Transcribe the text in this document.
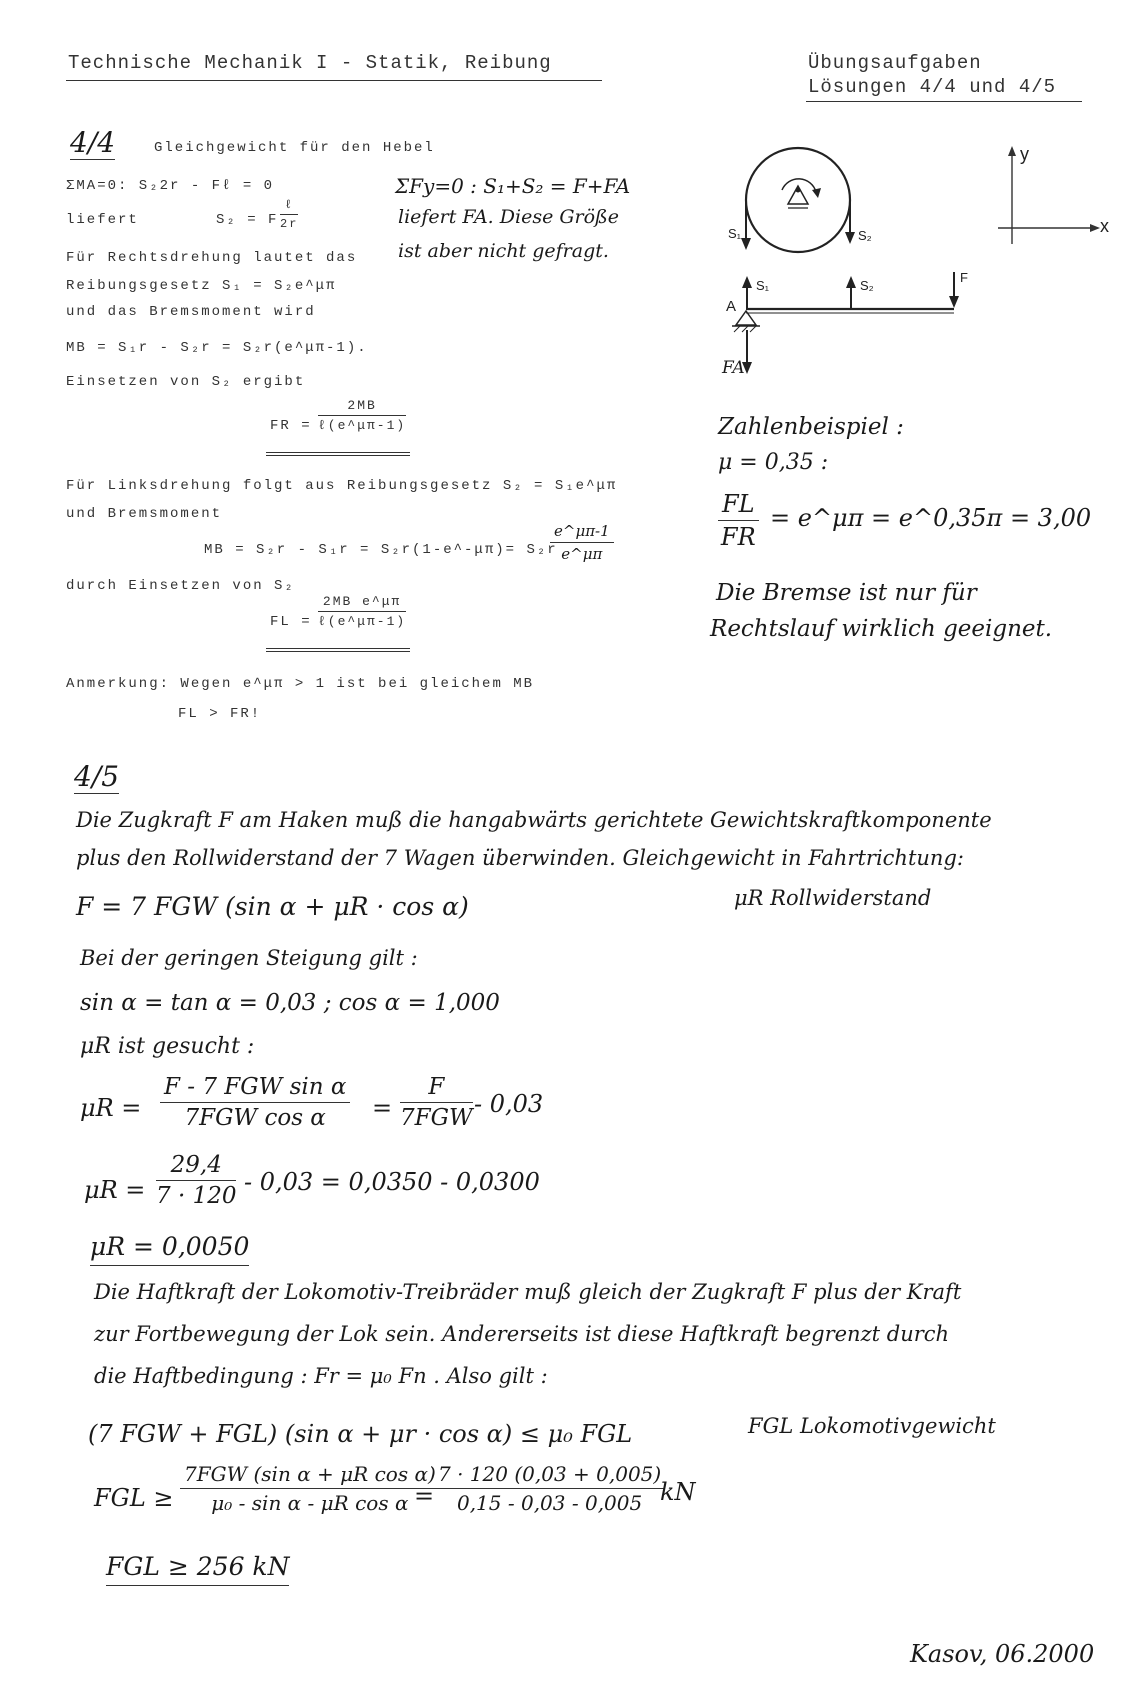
Technische Mechanik I - Statik, Reibung	Übungsaufgaben
Lösungen 4/4 und 4/5
4/4	Gleichgewicht für den Hebel
ΣMA=0: S₂2r - Fℓ = 0
liefert	S₂ = F
ℓ
2r
ΣFy=0 : S₁+S₂ = F+FA
liefert FA. Diese Größe
ist aber nicht gefragt.
Für Rechtsdrehung lautet das
Reibungsgesetz S₁ = S₂e^μπ
und das Bremsmoment wird
MB = S₁r - S₂r = S₂r(e^μπ-1).
Einsetzen von S₂ ergibt
FR =
2MB
ℓ(e^μπ-1)
Für Linksdrehung folgt aus Reibungsgesetz S₂ = S₁e^μπ
und Bremsmoment
MB = S₂r - S₁r = S₂r(1-e^-μπ)= S₂r
$\frac{e\^{}\mu\pi-1}{e\^{}\mu\pi}$
durch Einsetzen von S₂
FL =
2MB e^μπ
ℓ(e^μπ-1)
Anmerkung: Wegen e^μπ > 1 ist bei gleichem MB
FL > FR!
S₁	S₂
S₁	S₂
F
A
FA
y
x
Zahlenbeispiel :
μ = 0,35 :
$\frac{FL}{FR}$ = e^μπ = e^0,35π = 3,00
Die Bremse ist nur für
Rechtslauf wirklich geeignet.
4/5
Die Zugkraft F am Haken muß die hangabwärts gerichtete Gewichtskraftkomponente
plus den Rollwiderstand der 7 Wagen überwinden. Gleichgewicht in Fahrtrichtung:
F = 7 FGW (sin α + μR · cos α)	μR Rollwiderstand
Bei der geringen Steigung gilt :
sin α = tan α = 0,03 ; cos α = 1,000
μR ist gesucht :
μR =
F - 7 FGW sin α
7FGW cos α	=
F
7FGW - 0,03
$\mu R = \frac{29,4}{7 \cdot 120} - 0,03 = 0,0350 - 0,0300$
μR = 0,0050
Die Haftkraft der Lokomotiv-Treibräder muß gleich der Zugkraft F plus der Kraft
zur Fortbewegung der Lok sein. Andererseits ist diese Haftkraft begrenzt durch
die Haftbedingung : Fr = μ₀ Fn . Also gilt :
(7 FGW + FGL) (sin α + μr · cos α) ≤ μ₀ FGL	FGL Lokomotivgewicht
FGL ≥
7FGW (sin α + μR cos α)
μ₀ - sin α - μR $\cos \alpha = \frac{7 \cdot 120 (0,03 + 0,005)}{0,15 - 0,03 - 0,005}$
kN
FGL ≥ 256 kN
Kasov, 06.2000
